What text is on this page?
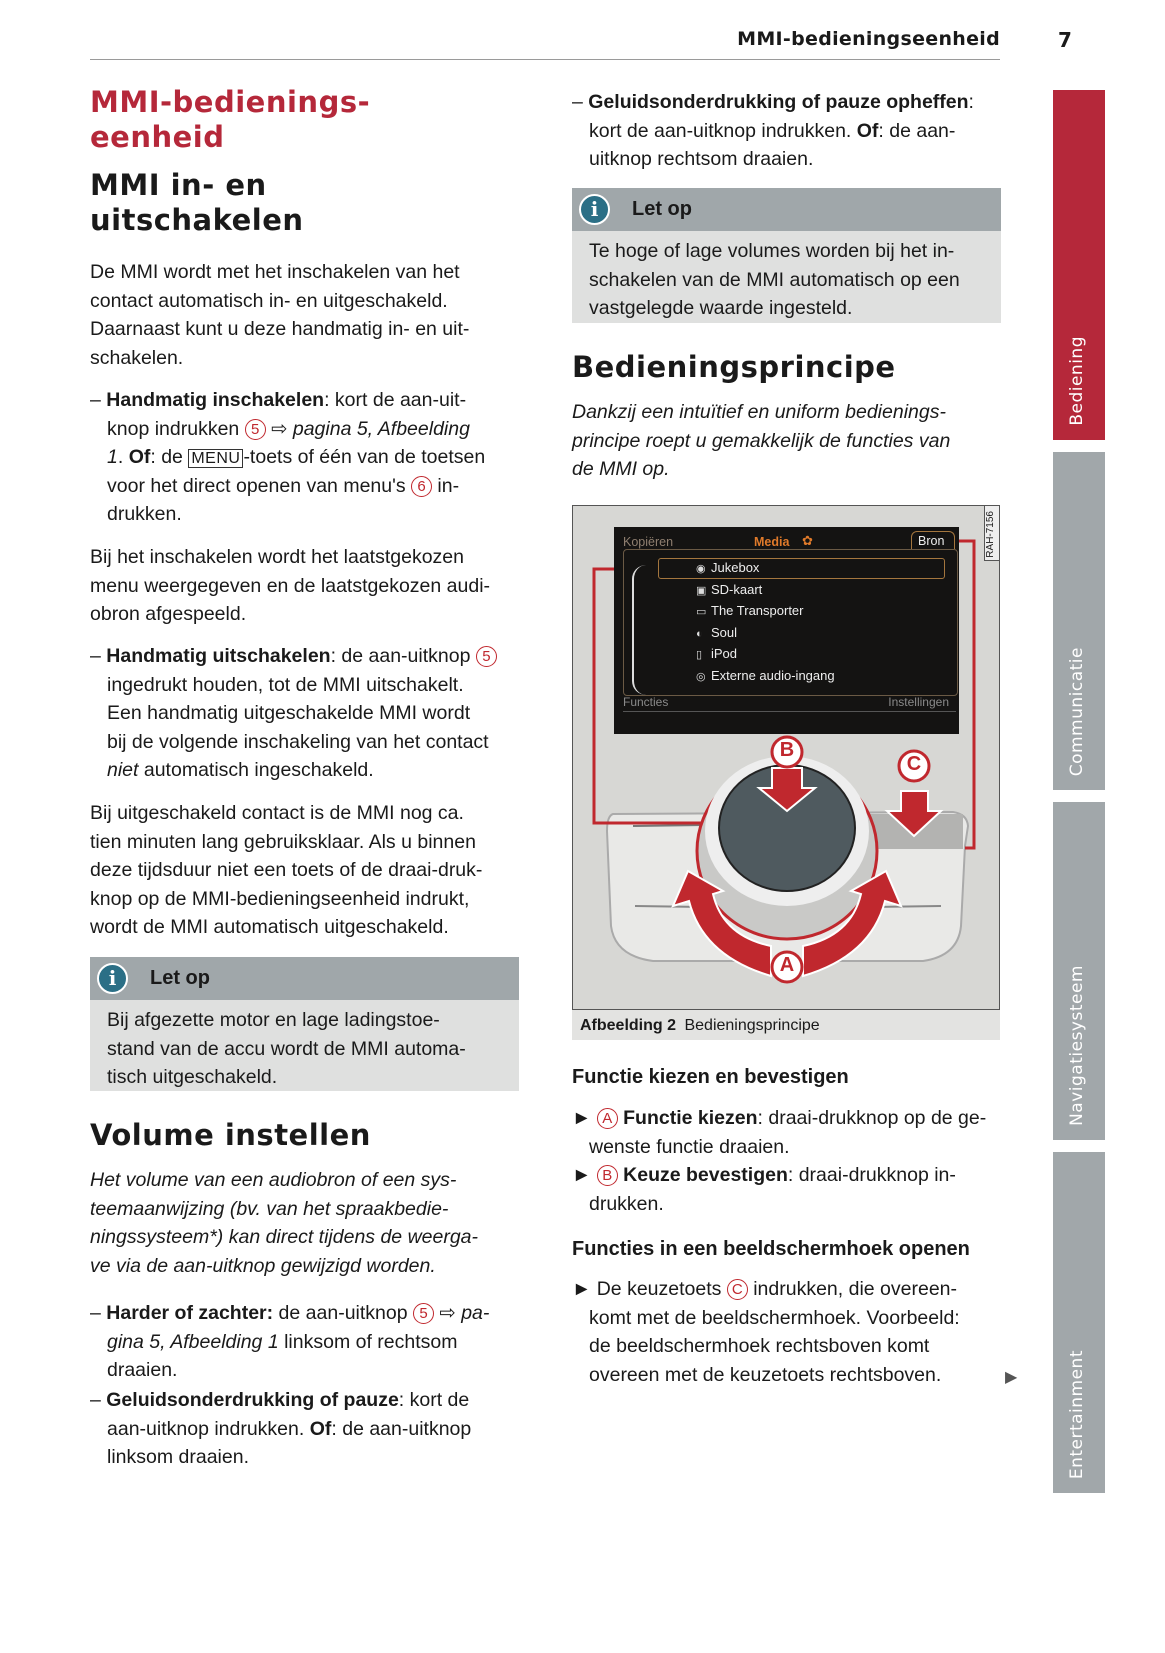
MMI-bedieningseenheid	7
Bediening
Communicatie
Navigatiesysteem
Entertainment
MMI-bedienings-
eenheid
MMI in- en
uitschakelen
De MMI wordt met het inschakelen van het
contact automatisch in- en uitgeschakeld.
Daarnaast kunt u deze handmatig in- en uit-
schakelen.
– Handmatig inschakelen: kort de aan-uit-
knop indrukken 5 ⇨ pagina 5, Afbeelding
1. Of: de MENU -toets of één van de toetsen
voor het direct openen van menu's 6 in-
drukken.
Bij het inschakelen wordt het laatstgekozen
menu weergegeven en de laatstgekozen audi-
obron afgespeeld.
– Handmatig uitschakelen: de aan-uitknop 5
ingedrukt houden, tot de MMI uitschakelt.
Een handmatig uitgeschakelde MMI wordt
bij de volgende inschakeling van het contact
niet automatisch ingeschakeld.
Bij uitgeschakeld contact is de MMI nog ca.
tien minuten lang gebruiksklaar. Als u binnen
deze tijdsduur niet een toets of de draai-druk-
knop op de MMI-bedieningseenheid indrukt,
wordt de MMI automatisch uitgeschakeld.
i	Let op
Bij afgezette motor en lage ladingstoe-
stand van de accu wordt de MMI automa-
tisch uitgeschakeld.
Volume instellen
Het volume van een audiobron of een sys-
teemaanwijzing (bv. van het spraakbedie-
ningssysteem*) kan direct tijdens de weerga-
ve via de aan-uitknop gewijzigd worden.
– Harder of zachter: de aan-uitknop 5 ⇨ pa-
gina 5, Afbeelding 1 linksom of rechtsom
draaien.
– Geluidsonderdrukking of pauze: kort de
aan-uitknop indrukken. Of: de aan-uitknop
linksom draaien.
– Geluidsonderdrukking of pauze opheffen:
kort de aan-uitknop indrukken. Of: de aan-
uitknop rechtsom draaien.
i	Let op
Te hoge of lage volumes worden bij het in-
schakelen van de MMI automatisch op een
vastgelegde waarde ingesteld.
Bedieningsprincipe
Dankzij een intuïtief en uniform bedienings-
principe roept u gemakkelijk de functies van
de MMI op.
Kopiëren	Media ✿	Bron
◉ Jukebox
▣ SD-kaart
▭ The Transporter
◐ Soul
▯ iPod
◎ Externe audio-ingang
Functies	Instellingen
B
C
A
RAH-7156
Afbeelding 2 Bedieningsprincipe
Functie kiezen en bevestigen
► A Functie kiezen: draai-drukknop op de ge-
wenste functie draaien.
► B Keuze bevestigen: draai-drukknop in-
drukken.
Functies in een beeldschermhoek openen
► De keuzetoets C indrukken, die overeen-
komt met de beeldschermhoek. Voorbeeld:
de beeldschermhoek rechtsboven komt
overeen met de keuzetoets rechtsboven.	▶
